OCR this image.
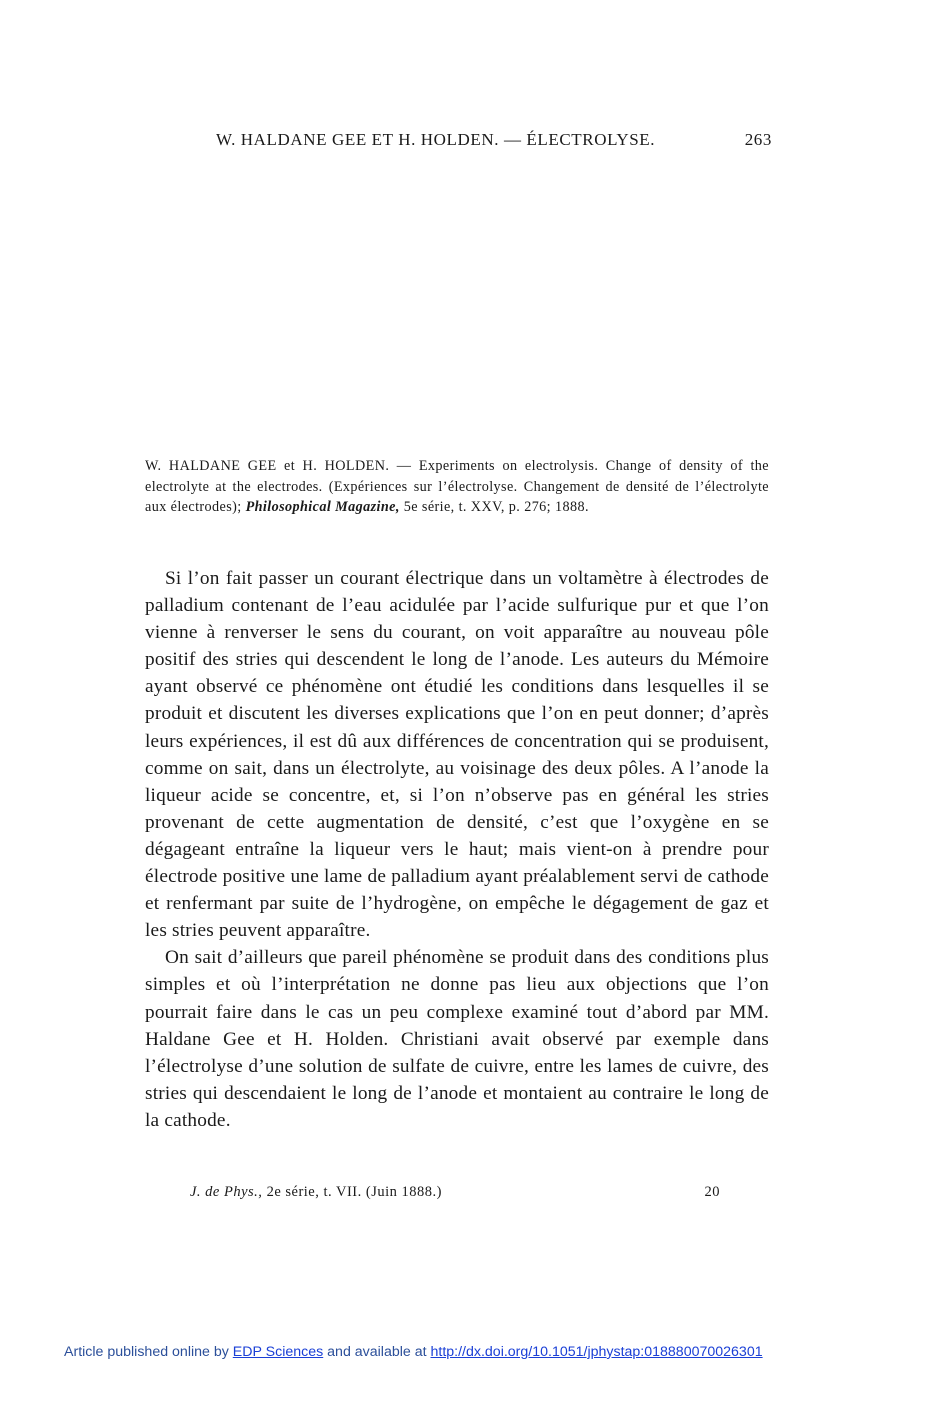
W. HALDANE GEE ET H. HOLDEN. — ÉLECTROLYSE.	263
W. HALDANE GEE et H. HOLDEN. — Experiments on electrolysis. Change of density of the electrolyte at the electrodes. (Expériences sur l’électrolyse. Changement de densité de l’électrolyte aux électrodes); Philosophical Magazine, 5e série, t. XXV, p. 276; 1888.

Si l’on fait passer un courant électrique dans un voltamètre à électrodes de palladium contenant de l’eau acidulée par l’acide sulfurique pur et que l’on vienne à renverser le sens du courant, on voit apparaître au nouveau pôle positif des stries qui descendent le long de l’anode. Les auteurs du Mémoire ayant observé ce phénomène ont étudié les conditions dans lesquelles il se produit et discutent les diverses explications que l’on en peut donner; d’après leurs expériences, il est dû aux différences de concentration qui se produisent, comme on sait, dans un électrolyte, au voisinage des deux pôles. A l’anode la liqueur acide se concentre, et, si l’on n’observe pas en général les stries provenant de cette augmentation de densité, c’est que l’oxygène en se dégageant entraîne la liqueur vers le haut; mais vient-on à prendre pour électrode positive une lame de palladium ayant préalablement servi de cathode et renfermant par suite de l’hydrogène, on empêche le dégagement de gaz et les stries peuvent apparaître.

On sait d’ailleurs que pareil phénomène se produit dans des conditions plus simples et où l’interprétation ne donne pas lieu aux objections que l’on pourrait faire dans le cas un peu complexe examiné tout d’abord par MM. Haldane Gee et H. Holden. Christiani avait observé par exemple dans l’électrolyse d’une solution de sulfate de cuivre, entre les lames de cuivre, des stries qui descendaient le long de l’anode et montaient au contraire le long de la cathode.

J. de Phys., 2e série, t. VII. (Juin 1888.)	20
Article published online by EDP Sciences and available at http://dx.doi.org/10.1051/jphystap:018880070026301
